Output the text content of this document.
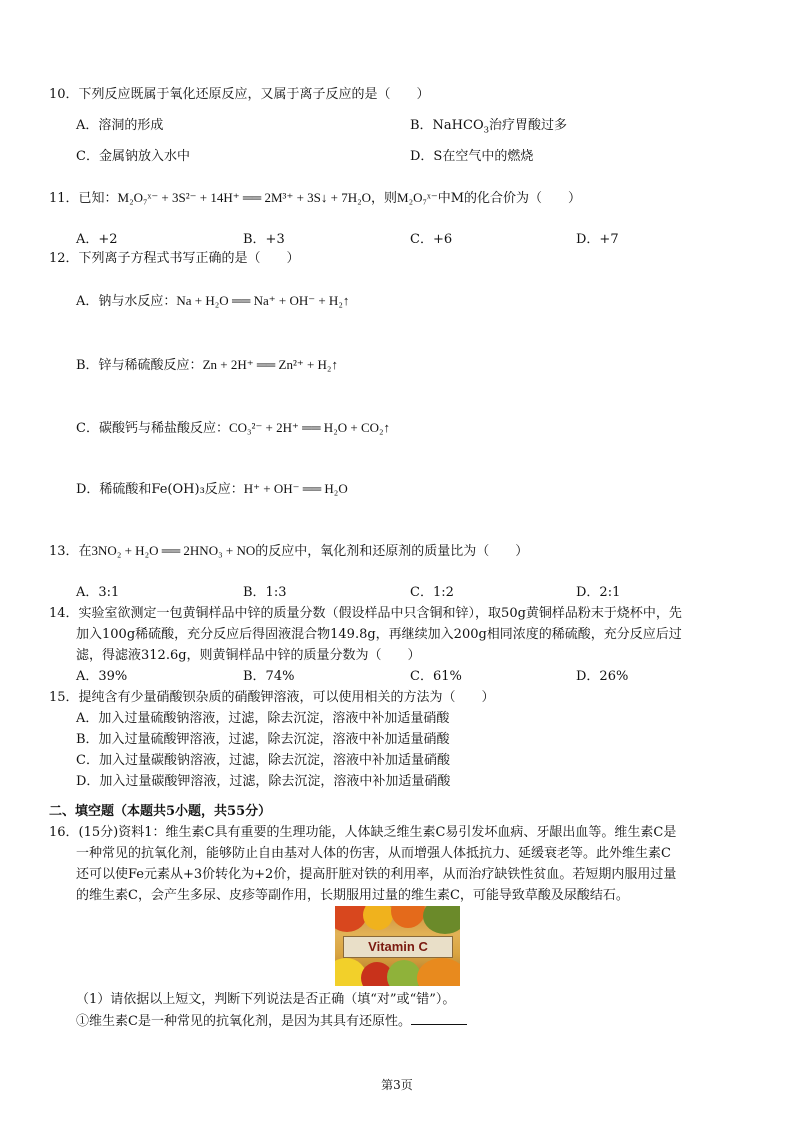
10．下列反应既属于氧化还原反应，又属于离子反应的是（　　）
A．溶洞的形成	B．NaHCO$_3$治疗胃酸过多
C．金属钠放入水中	D．S在空气中的燃烧
11．已知：M₂O₇ˣ⁻ + 3S²⁻ + 14H⁺ ══ 2M³⁺ + 3S↓ + 7H₂O，则M₂O₇ˣ⁻中M的化合价为（　　）
A．+2	B．+3	C．+6	D．+7
12．下列离子方程式书写正确的是（　　）
A．钠与水反应：Na + H₂O ══ Na⁺ + OH⁻ + H₂↑
B．锌与稀硫酸反应：Zn + 2H⁺ ══ Zn²⁺ + H₂↑
C．碳酸钙与稀盐酸反应：CO₃²⁻ + 2H⁺ ══ H₂O + CO₂↑
D．稀硫酸和Fe(OH)₃反应：H⁺ + OH⁻ ══ H₂O
13．在3NO₂ + H₂O ══ 2HNO₃ + NO的反应中，氧化剂和还原剂的质量比为（　　）
A．3:1	B．1:3	C．1:2	D．2:1
14．实验室欲测定一包黄铜样品中锌的质量分数（假设样品中只含铜和锌），取50g黄铜样品粉末于烧杯中，先
加入100g稀硫酸，充分反应后得固液混合物149.8g，再继续加入200g相同浓度的稀硫酸，充分反应后过
滤，得滤液312.6g，则黄铜样品中锌的质量分数为（　　）
A．39%	B．74%	C．61%	D．26%
15．提纯含有少量硝酸钡杂质的硝酸钾溶液，可以使用相关的方法为（　　）
A．加入过量硫酸钠溶液，过滤，除去沉淀，溶液中补加适量硝酸
B．加入过量硫酸钾溶液，过滤，除去沉淀，溶液中补加适量硝酸
C．加入过量碳酸钠溶液，过滤，除去沉淀，溶液中补加适量硝酸
D．加入过量碳酸钾溶液，过滤，除去沉淀，溶液中补加适量硝酸
二、填空题（本题共5小题，共55分）
16．(15分)资料1：维生素C具有重要的生理功能，人体缺乏维生素C易引发坏血病、牙龈出血等。维生素C是
一种常见的抗氧化剂，能够防止自由基对人体的伤害，从而增强人体抵抗力、延缓衰老等。此外维生素C
还可以使Fe元素从+3价转化为+2价，提高肝脏对铁的利用率，从而治疗缺铁性贫血。若短期内服用过量
的维生素C，会产生多尿、皮疹等副作用，长期服用过量的维生素C，可能导致草酸及尿酸结石。
Vitamin C
（1）请依据以上短文，判断下列说法是否正确（填“对”或“错”）。
①维生素C是一种常见的抗氧化剂，是因为其具有还原性。
第3页
